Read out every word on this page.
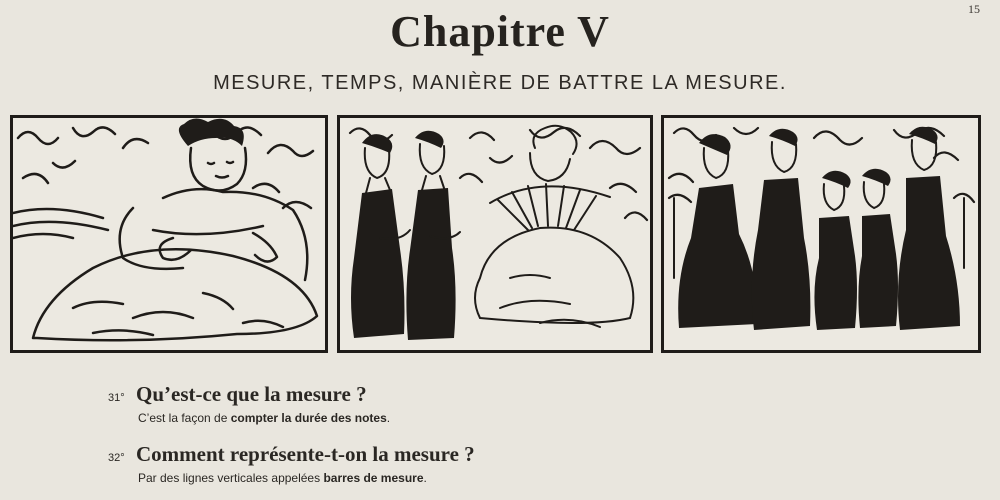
15
Chapitre V
MESURE, TEMPS, MANIÈRE DE BATTRE LA MESURE.
31° Qu’est-ce que la mesure ?
C’est la façon de compter la durée des notes.
32° Comment représente-t-on la mesure ?
Par des lignes verticales appelées barres de mesure.
